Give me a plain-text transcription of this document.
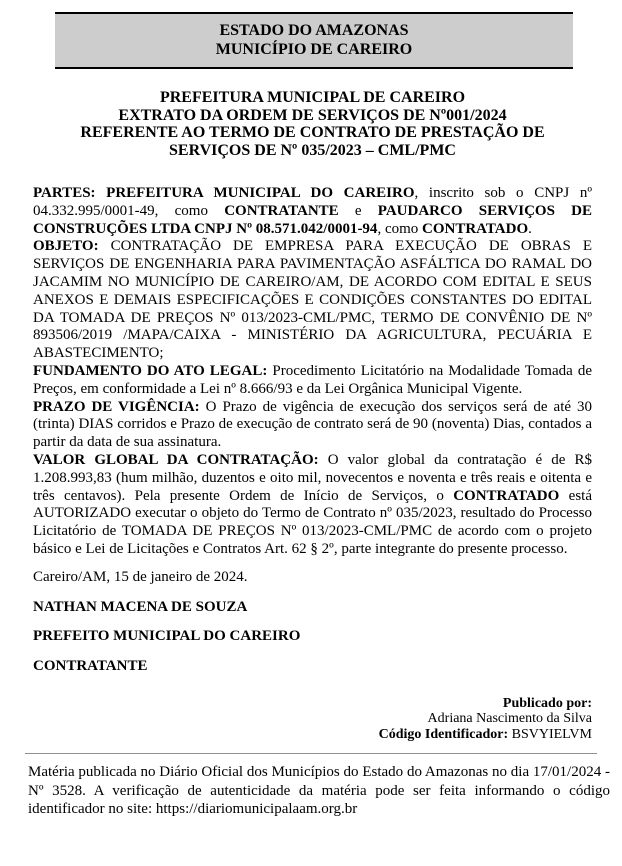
ESTADO DO AMAZONAS
MUNICÍPIO DE CAREIRO
PREFEITURA MUNICIPAL DE CAREIRO
EXTRATO DA ORDEM DE SERVIÇOS DE Nº001/2024
REFERENTE AO TERMO DE CONTRATO DE PRESTAÇÃO DE
SERVIÇOS DE Nº 035/2023 – CML/PMC

PARTES: PREFEITURA MUNICIPAL DO CAREIRO, inscrito sob o CNPJ nº 04.332.995/0001-49, como CONTRATANTE e PAUDARCO SERVIÇOS DE CONSTRUÇÕES LTDA CNPJ Nº 08.571.042/0001-94, como CONTRATADO.

OBJETO: CONTRATAÇÃO DE EMPRESA PARA EXECUÇÃO DE OBRAS E SERVIÇOS DE ENGENHARIA PARA PAVIMENTAÇÃO ASFÁLTICA DO RAMAL DO JACAMIM NO MUNICÍPIO DE CAREIRO/AM, DE ACORDO COM EDITAL E SEUS ANEXOS E DEMAIS ESPECIFICAÇÕES E CONDIÇÕES CONSTANTES DO EDITAL DA TOMADA DE PREÇOS Nº 013/2023-CML/PMC, TERMO DE CONVÊNIO DE Nº 893506/2019 /MAPA/CAIXA - MINISTÉRIO DA AGRICULTURA, PECUÁRIA E ABASTECIMENTO;

FUNDAMENTO DO ATO LEGAL: Procedimento Licitatório na Modalidade Tomada de Preços, em conformidade a Lei nº 8.666/93 e da Lei Orgânica Municipal Vigente.

PRAZO DE VIGÊNCIA: O Prazo de vigência de execução dos serviços será de até 30 (trinta) DIAS corridos e Prazo de execução de contrato será de 90 (noventa) Dias, contados a partir da data de sua assinatura.

VALOR GLOBAL DA CONTRATAÇÃO: O valor global da contratação é de R$ 1.208.993,83 (hum milhão, duzentos e oito mil, novecentos e noventa e três reais e oitenta e três centavos). Pela presente Ordem de Início de Serviços, o CONTRATADO está AUTORIZADO executar o objeto do Termo de Contrato nº 035/2023, resultado do Processo Licitatório de TOMADA DE PREÇOS Nº 013/2023-CML/PMC de acordo com o projeto básico e Lei de Licitações e Contratos Art. 62 § 2º, parte integrante do presente processo.

Careiro/AM, 15 de janeiro de 2024.

NATHAN MACENA DE SOUZA

PREFEITO MUNICIPAL DO CAREIRO

CONTRATANTE

Publicado por:
Adriana Nascimento da Silva
Código Identificador: BSVYIELVM
Matéria publicada no Diário Oficial dos Municípios do Estado do Amazonas no dia 17/01/2024 - Nº 3528. A verificação de autenticidade da matéria pode ser feita informando o código identificador no site: https://diariomunicipalaam.org.br
